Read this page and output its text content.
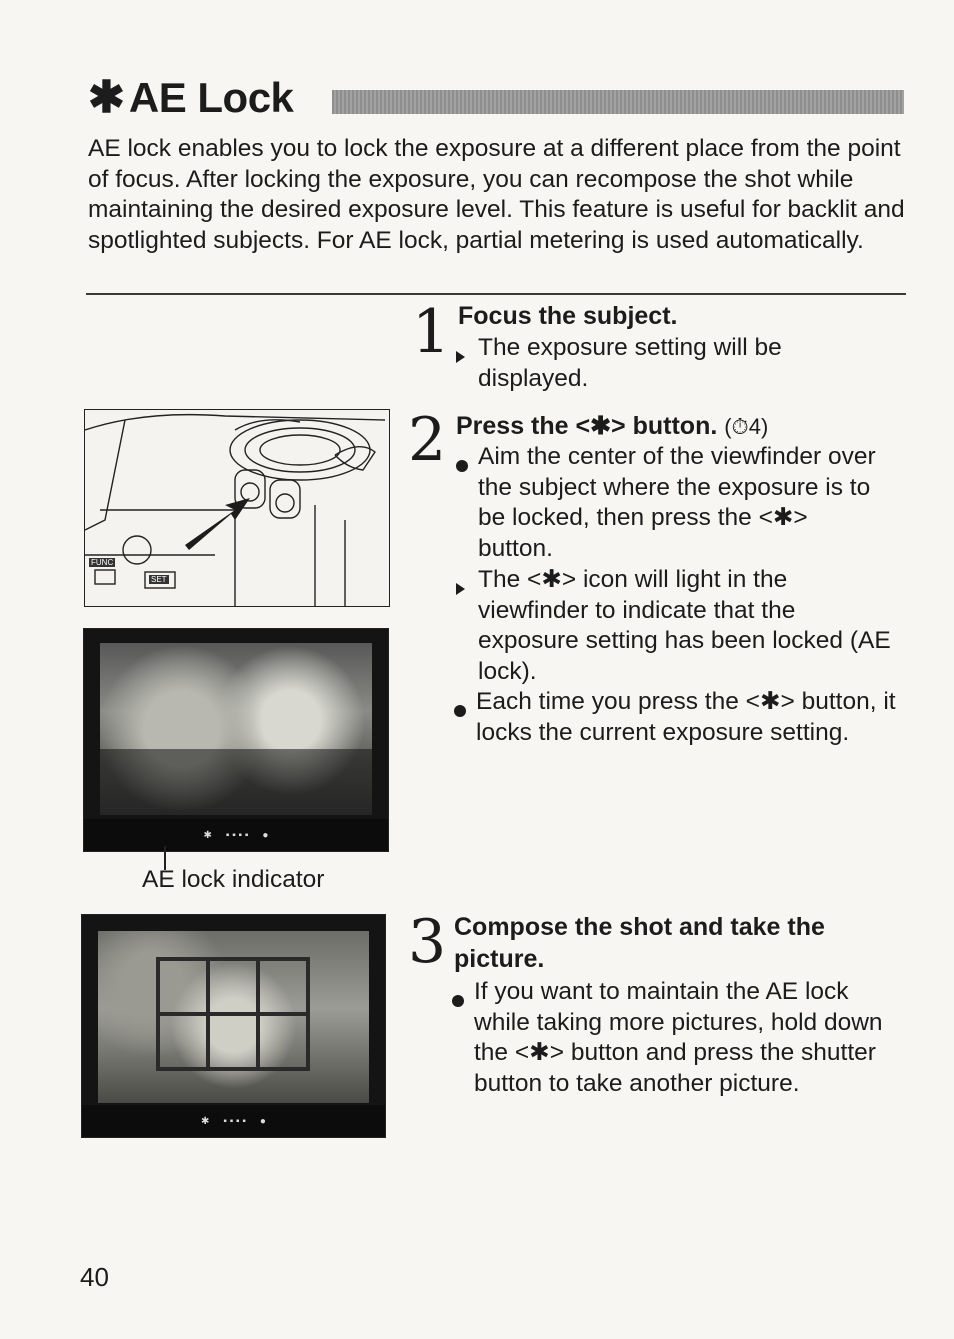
✱ AE Lock
AE lock enables you to lock the exposure at a different place from the point of focus. After locking the exposure, you can recompose the shot while maintaining the desired exposure level. This feature is useful for backlit and spotlighted subjects. For AE lock, partial metering is used automatically.
1 Focus the subject.
The exposure setting will be displayed.
2 Press the <✱> button. (⏱4)
Aim the center of the viewfinder over the subject where the exposure is to be locked, then press the <✱> button.
The <✱> icon will light in the viewfinder to indicate that the exposure setting has been locked (AE lock).
Each time you press the <✱> button, it locks the current exposure setting.
3 Compose the shot and take the picture.
If you want to maintain the AE lock while taking more pictures, hold down the <✱> button and press the shutter button to take another picture.
FUNC
SET
✱ ▪ ▪ ▪ ▪ ●
AE lock indicator
✱ ▪ ▪ ▪ ▪ ●
40
